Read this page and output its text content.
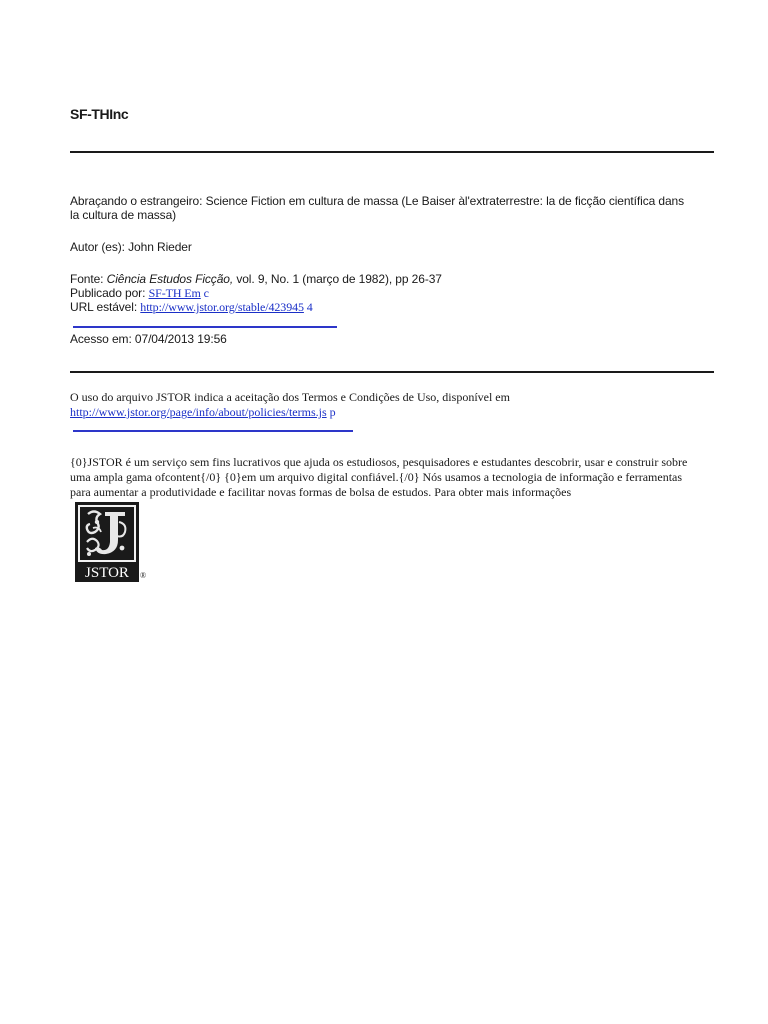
SF-THInc
Abraçando o estrangeiro: Science Fiction em cultura de massa (Le Baiser àl'extraterrestre: la de ficção científica dans la cultura de massa)
Autor (es): John Rieder
Fonte: Ciência Estudos Ficção, vol. 9, No. 1 (março de 1982), pp 26-37
Publicado por: SF-TH Em c
URL estável: http://www.jstor.org/stable/423945 4
Acesso em: 07/04/2013 19:56
O uso do arquivo JSTOR indica a aceitação dos Termos e Condições de Uso, disponível em
http://www.jstor.org/page/info/about/policies/terms.js p
{0}JSTOR é um serviço sem fins lucrativos que ajuda os estudiosos, pesquisadores e estudantes descobrir, usar e construir sobre uma ampla gama ofcontent{/0} {0}em um arquivo digital confiável.{/0} Nós usamos a tecnologia de informação e ferramentas para aumentar a produtividade e facilitar novas formas de bolsa de estudos. Para obter mais informações
JSTOR ®
